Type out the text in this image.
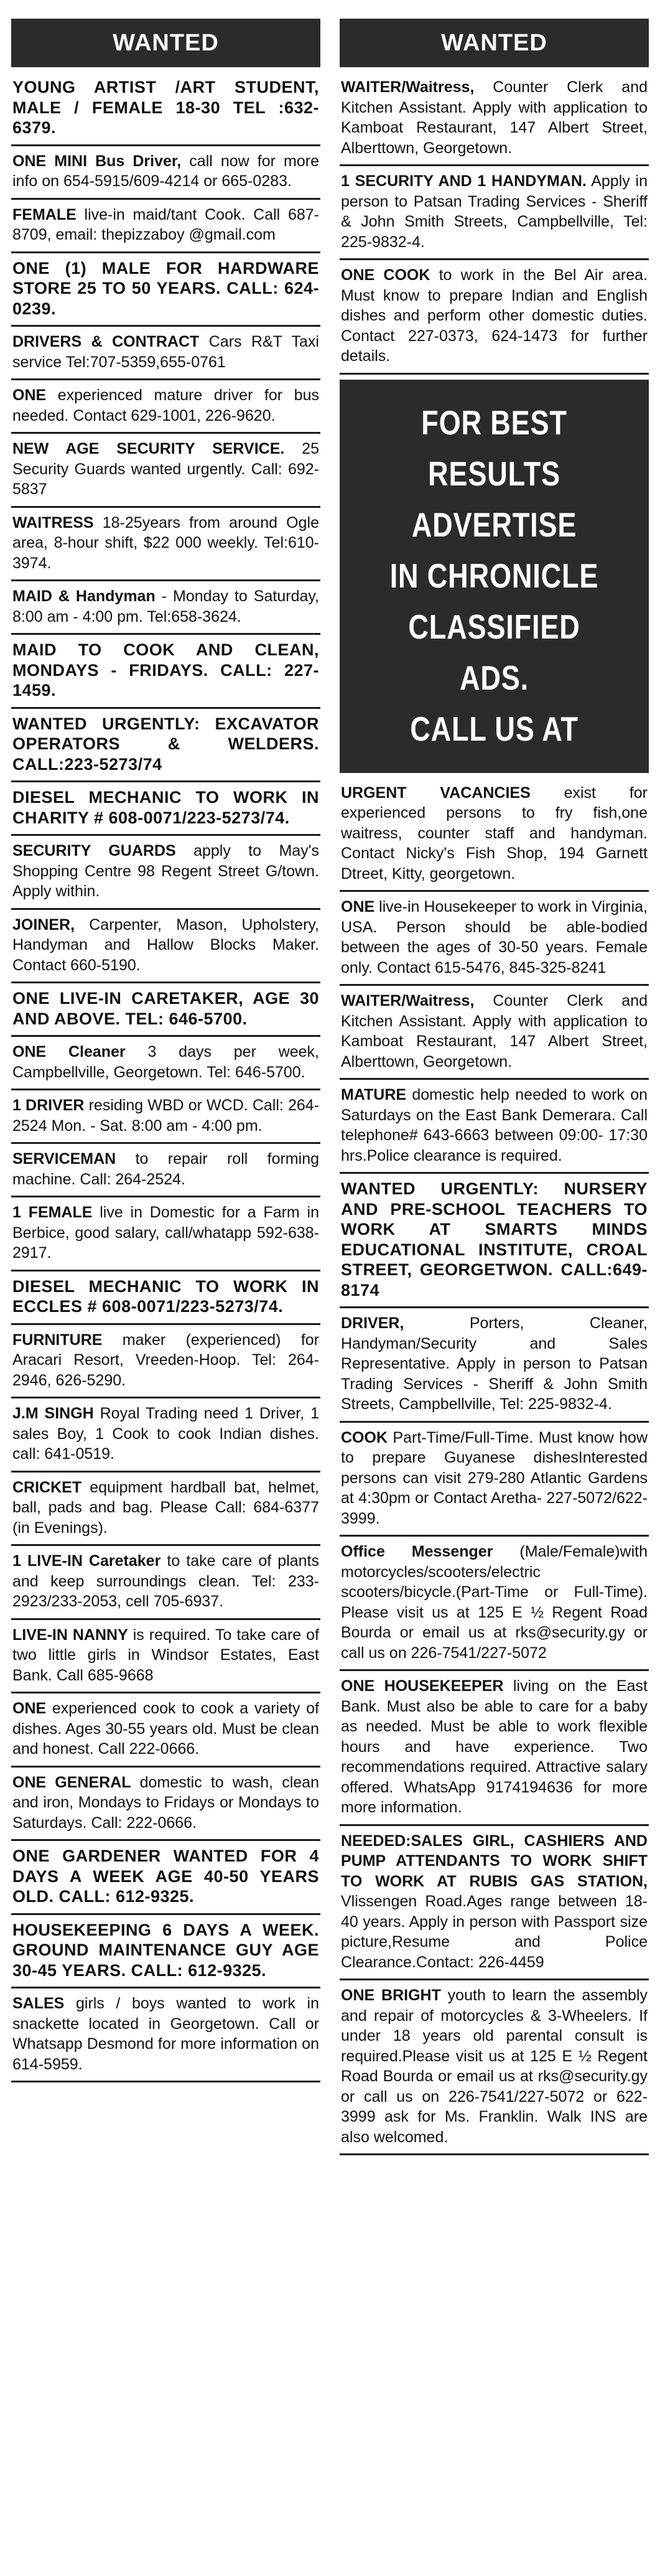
WANTED
YOUNG ARTIST /ART STUDENT, MALE / FEMALE 18-30 TEL :632-6379.
ONE MINI Bus Driver, call now for more info on 654-5915/609-4214 or 665-0283.
FEMALE live-in maid/tant Cook. Call 687-8709, email: thepizzaboy @gmail.com
ONE (1) MALE FOR HARDWARE STORE 25 TO 50 YEARS. CALL: 624-0239.
DRIVERS & CONTRACT Cars R&T Taxi service Tel:707-5359,655-0761
ONE experienced mature driver for bus needed. Contact 629-1001, 226-9620.
NEW AGE SECURITY SERVICE. 25 Security Guards wanted urgently. Call: 692-5837
WAITRESS 18-25years from around Ogle area, 8-hour shift, $22 000 weekly. Tel:610-3974.
MAID & Handyman - Monday to Saturday, 8:00 am - 4:00 pm. Tel:658-3624.
MAID TO COOK AND CLEAN, MONDAYS - FRIDAYS. CALL: 227-1459.
WANTED URGENTLY: EXCAVATOR OPERATORS & WELDERS. CALL:223-5273/74
DIESEL MECHANIC TO WORK IN CHARITY # 608-0071/223-5273/74.
SECURITY GUARDS apply to May's Shopping Centre 98 Regent Street G/town. Apply within.
JOINER, Carpenter, Mason, Upholstery, Handyman and Hallow Blocks Maker. Contact 660-5190.
ONE LIVE-IN CARETAKER, AGE 30 AND ABOVE. TEL: 646-5700.
ONE Cleaner 3 days per week, Campbellville, Georgetown. Tel: 646-5700.
1 DRIVER residing WBD or WCD. Call: 264-2524 Mon. - Sat. 8:00 am - 4:00 pm.
SERVICEMAN to repair roll forming machine. Call: 264-2524.
1 FEMALE live in Domestic for a Farm in Berbice, good salary, call/whatapp 592-638-2917.
DIESEL MECHANIC TO WORK IN ECCLES # 608-0071/223-5273/74.
FURNITURE maker (experienced) for Aracari Resort, Vreeden-Hoop. Tel: 264-2946, 626-5290.
J.M SINGH Royal Trading need 1 Driver, 1 sales Boy, 1 Cook to cook Indian dishes. call: 641-0519.
CRICKET equipment hardball bat, helmet, ball, pads and bag. Please Call: 684-6377 (in Evenings).
1 LIVE-IN Caretaker to take care of plants and keep surroundings clean. Tel: 233-2923/233-2053, cell 705-6937.
LIVE-IN NANNY is required. To take care of two little girls in Windsor Estates, East Bank. Call 685-9668
ONE experienced cook to cook a variety of dishes. Ages 30-55 years old. Must be clean and honest. Call 222-0666.
ONE GENERAL domestic to wash, clean and iron, Mondays to Fridays or Mondays to Saturdays. Call: 222-0666.
ONE GARDENER WANTED FOR 4 DAYS A WEEK AGE 40-50 YEARS OLD. CALL: 612-9325.
HOUSEKEEPING 6 DAYS A WEEK. GROUND MAINTENANCE GUY AGE 30-45 YEARS. CALL: 612-9325.
SALES girls / boys wanted to work in snackette located in Georgetown. Call or Whatsapp Desmond for more information on 614-5959.
WANTED
WAITER/Waitress, Counter Clerk and Kitchen Assistant. Apply with application to Kamboat Restaurant, 147 Albert Street, Alberttown, Georgetown.
1 SECURITY AND 1 HANDYMAN. Apply in person to Patsan Trading Services - Sheriff & John Smith Streets, Campbellville, Tel: 225-9832-4.
ONE COOK to work in the Bel Air area. Must know to prepare Indian and English dishes and perform other domestic duties. Contact 227-0373, 624-1473 for further details.
FOR BEST RESULTS
ADVERTISE
IN CHRONICLE
CLASSIFIED ADS.
CALL US AT
URGENT VACANCIES exist for experienced persons to fry fish,one waitress, counter staff and handyman. Contact Nicky's Fish Shop, 194 Garnett Dtreet, Kitty, georgetown.
ONE live-in Housekeeper to work in Virginia, USA. Person should be able-bodied between the ages of 30-50 years. Female only. Contact 615-5476, 845-325-8241
WAITER/Waitress, Counter Clerk and Kitchen Assistant. Apply with application to Kamboat Restaurant, 147 Albert Street, Alberttown, Georgetown.
MATURE domestic help needed to work on Saturdays on the East Bank Demerara. Call telephone# 643-6663 between 09:00- 17:30 hrs.Police clearance is required.
WANTED URGENTLY: NURSERY AND PRE-SCHOOL TEACHERS TO WORK AT SMARTS MINDS EDUCATIONAL INSTITUTE, CROAL STREET, GEORGETWON. CALL:649-8174
DRIVER, Porters, Cleaner, Handyman/Security and Sales Representative. Apply in person to Patsan Trading Services - Sheriff & John Smith Streets, Campbellville, Tel: 225-9832-4.
COOK Part-Time/Full-Time. Must know how to prepare Guyanese dishesInterested persons can visit 279-280 Atlantic Gardens at 4:30pm or Contact Aretha- 227-5072/622-3999.
Office Messenger (Male/Female)with motorcycles/scooters/electric scooters/bicycle.(Part-Time or Full-Time). Please visit us at 125 E ½ Regent Road Bourda or email us at rks@security.gy or call us on 226-7541/227-5072
ONE HOUSEKEEPER living on the East Bank. Must also be able to care for a baby as needed. Must be able to work flexible hours and have experience. Two recommendations required. Attractive salary offered. WhatsApp 9174194636 for more more information.
NEEDED:SALES GIRL, CASHIERS AND PUMP ATTENDANTS TO WORK SHIFT TO WORK AT RUBIS GAS STATION, Vlissengen Road.Ages range between 18-40 years. Apply in person with Passport size picture,Resume and Police Clearance.Contact: 226-4459
ONE BRIGHT youth to learn the assembly and repair of motorcycles & 3-Wheelers. If under 18 years old parental consult is required.Please visit us at 125 E ½ Regent Road Bourda or email us at rks@security.gy or call us on 226-7541/227-5072 or 622-3999 ask for Ms. Franklin. Walk INS are also welcomed.
